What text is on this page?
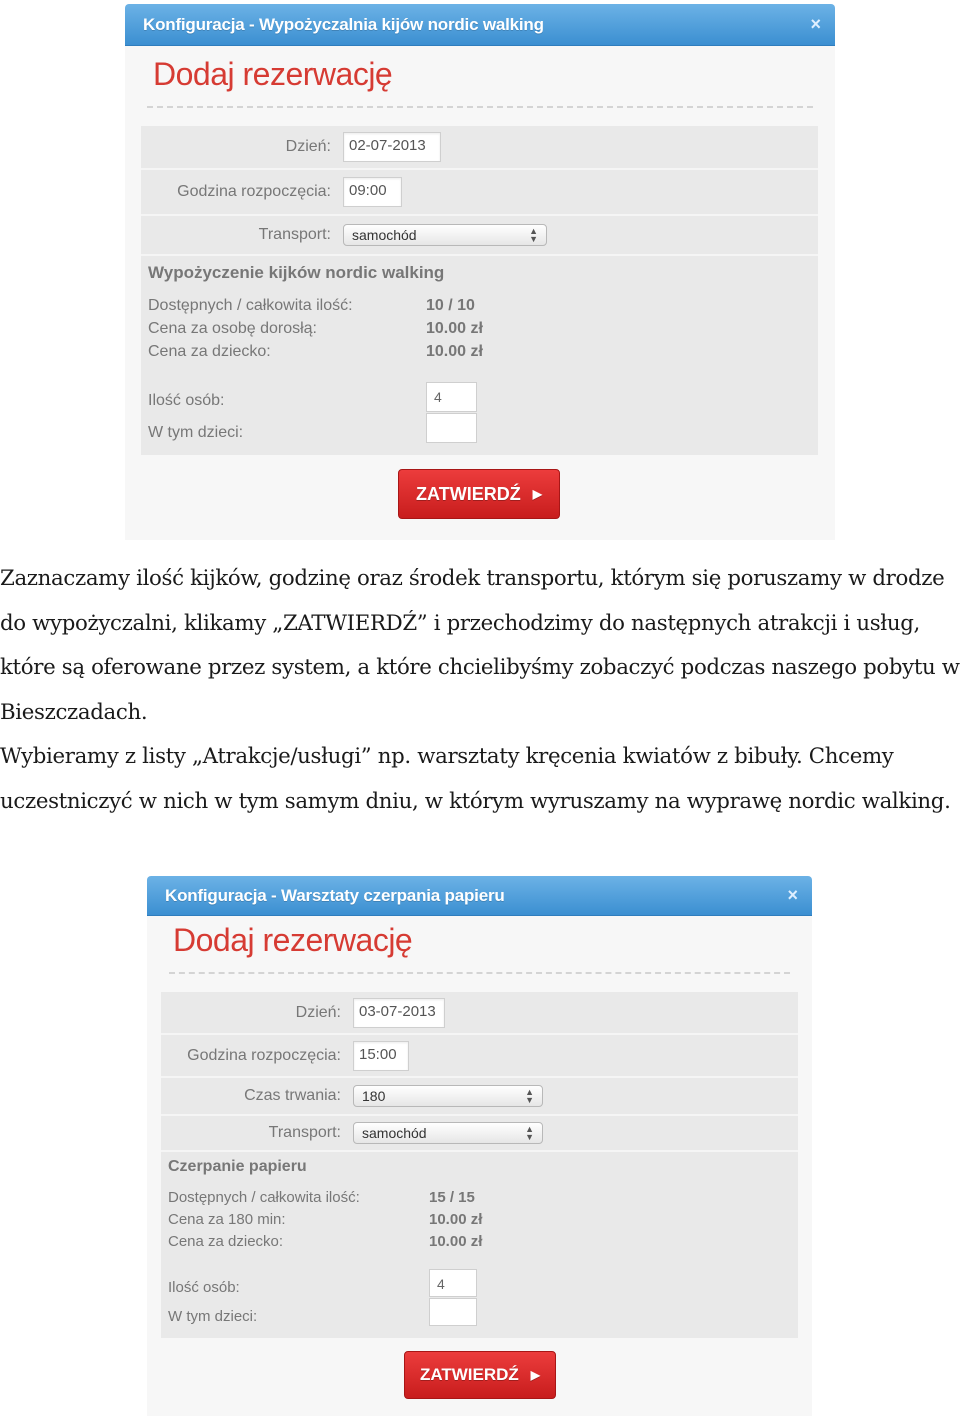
Konfiguracja - Wypożyczalnia kijów nordic walking	×
Dodaj rezerwację
Dzień:	02-07-2013
Godzina rozpoczęcia:	09:00
Transport:	samochód	▲
▼
Wypożyczenie kijków nordic walking
Dostępnych / całkowita ilość:	10 / 10
Cena za osobę dorosłą:	10.00 zł
Cena za dziecko:	10.00 zł
Ilość osób:	4
W tym dzieci:
ZATWIERDŹ ▶

Zaznaczamy ilość kijków, godzinę oraz środek transportu, którym się poruszamy w drodze do wypożyczalni, klikamy „ZATWIERDŹ” i przechodzimy do następnych atrakcji i usług, które są oferowane przez system, a które chcielibyśmy zobaczyć podczas naszego pobytu w Bieszczadach.

Wybieramy z listy „Atrakcje/usługi” np. warsztaty kręcenia kwiatów z bibuły. Chcemy uczestniczyć w nich w tym samym dniu, w którym wyruszamy na wyprawę nordic walking.

Konfiguracja - Warsztaty czerpania papieru	×
Dodaj rezerwację
Dzień:	03-07-2013
Godzina rozpoczęcia:	15:00
Czas trwania:	180	▲
▼
Transport:	samochód	▲
▼
Czerpanie papieru
Dostępnych / całkowita ilość:	15 / 15
Cena za 180 min:	10.00 zł
Cena za dziecko:	10.00 zł
Ilość osób:	4
W tym dzieci:
ZATWIERDŹ ▶
